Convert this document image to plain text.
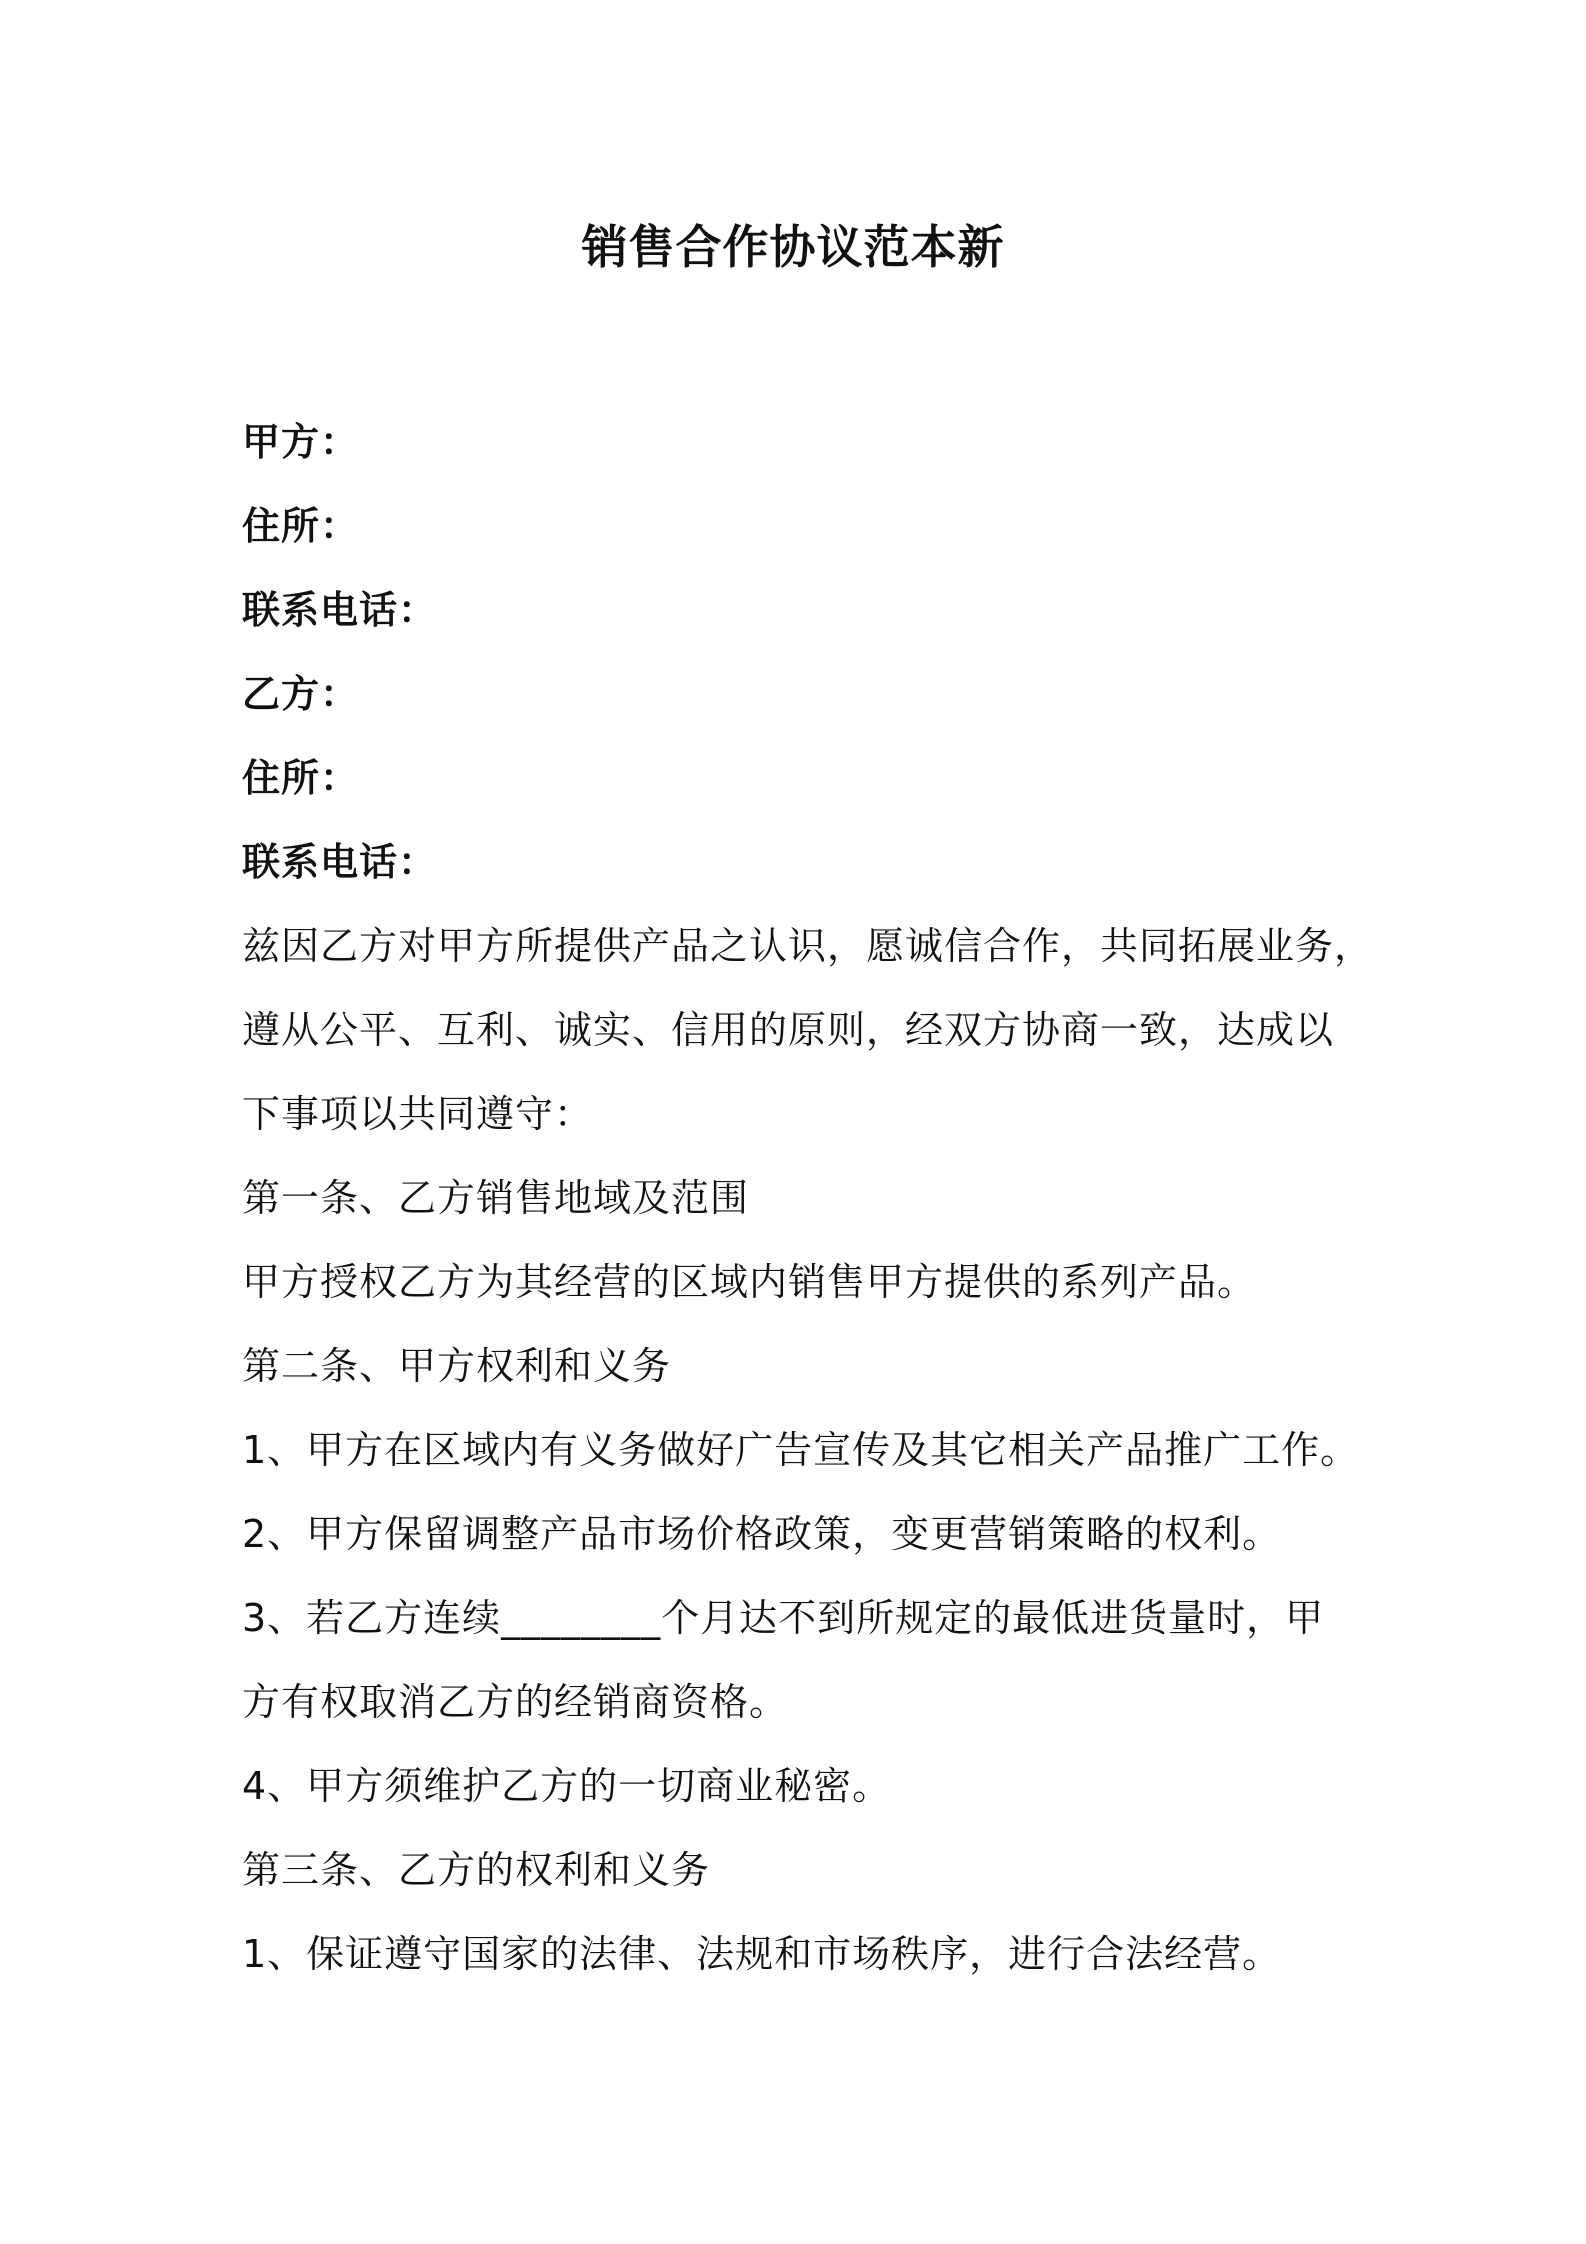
销售合作协议范本新

甲方：

住所：

联系电话：

乙方：

住所：

联系电话：

兹因乙方对甲方所提供产品之认识，愿诚信合作，共同拓展业务，

遵从公平、互利、诚实、信用的原则，经双方协商一致，达成以

下事项以共同遵守：

第一条、乙方销售地域及范围

甲方授权乙方为其经营的区域内销售甲方提供的系列产品。

第二条、甲方权利和义务

1、甲方在区域内有义务做好广告宣传及其它相关产品推广工作。

2、甲方保留调整产品市场价格政策，变更营销策略的权利。

3、若乙方连续________个月达不到所规定的最低进货量时，甲

方有权取消乙方的经销商资格。

4、甲方须维护乙方的一切商业秘密。

第三条、乙方的权利和义务

1、保证遵守国家的法律、法规和市场秩序，进行合法经营。
